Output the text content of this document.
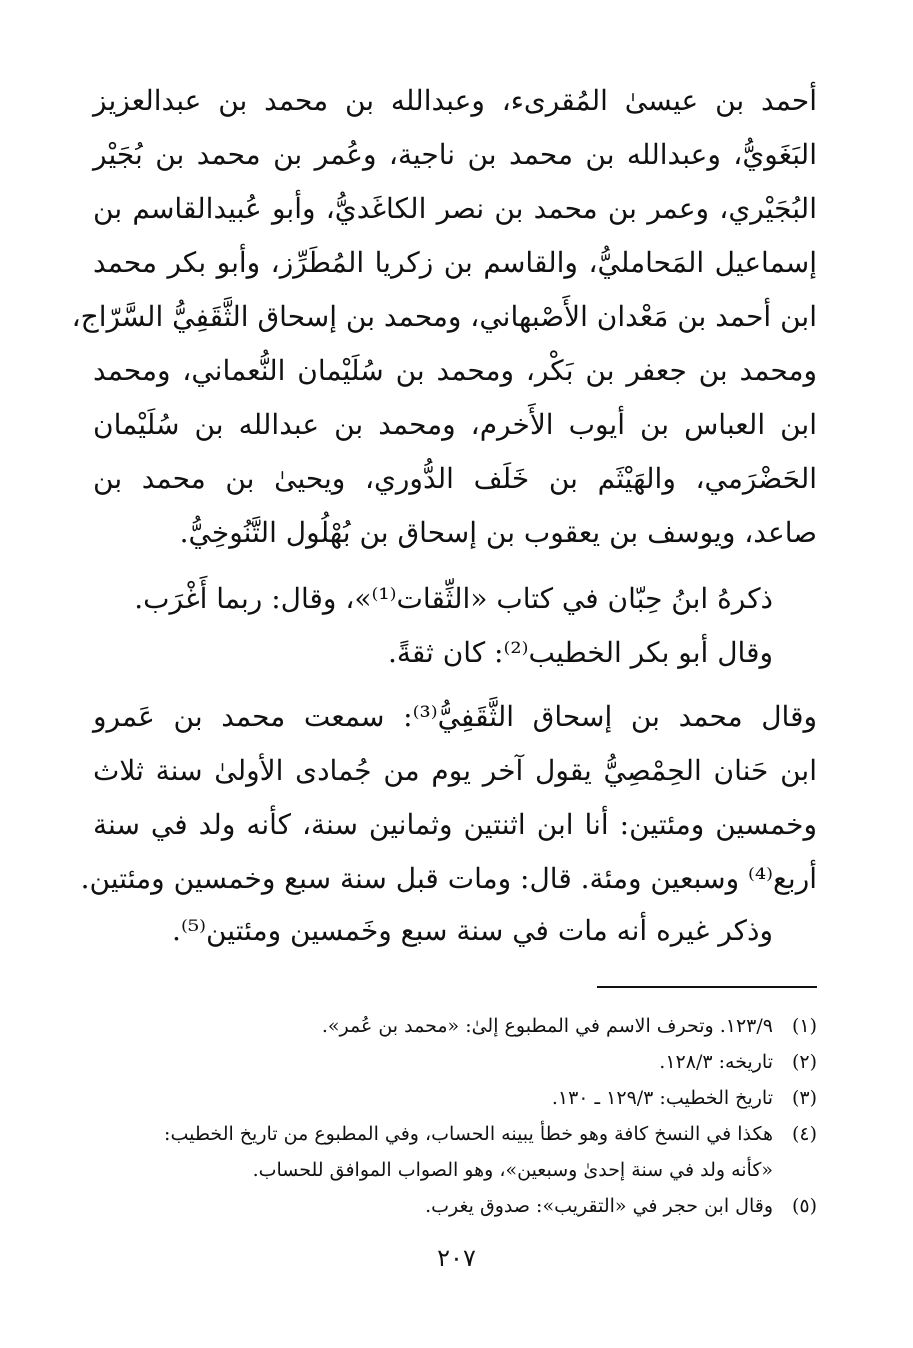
أحمد بن عيسىٰ المُقرىء، وعبدالله بن محمد بن عبدالعزيز
البَغَويُّ، وعبدالله بن محمد بن ناجية، وعُمر بن محمد بن بُجَيْر
البُجَيْري، وعمر بن محمد بن نصر الكاغَديُّ، وأبو عُبيدالقاسم بن
إسماعيل المَحامليُّ، والقاسم بن زكريا المُطَرِّز، وأبو بكر محمد
ابن أحمد بن مَعْدان الأَصْبهاني، ومحمد بن إسحاق الثَّقَفِيُّ السَّرّاج،
ومحمد بن جعفر بن بَكْر، ومحمد بن سُلَيْمان النُّعماني، ومحمد
ابن العباس بن أيوب الأَخرم، ومحمد بن عبدالله بن سُلَيْمان
الحَضْرَمي، والهَيْثَم بن خَلَف الدُّوري، ويحيىٰ بن محمد بن
صاعد، ويوسف بن يعقوب بن إسحاق بن بُهْلُول التَّنُوخِيُّ.
ذكرهُ ابنُ حِبّان في كتاب «الثِّقات⁽¹⁾»، وقال: ربما أَغْرَب.
وقال أبو بكر الخطيب⁽²⁾: كان ثقةً.
وقال محمد بن إسحاق الثَّقَفِيُّ⁽³⁾: سمعت محمد بن عَمرو
ابن حَنان الحِمْصِيُّ يقول آخر يوم من جُمادى الأولىٰ سنة ثلاث
وخمسين ومئتين: أنا ابن اثنتين وثمانين سنة، كأنه ولد في سنة
أربع⁽⁴⁾ وسبعين ومئة. قال: ومات قبل سنة سبع وخمسين ومئتين.
وذكر غيره أنه مات في سنة سبع وخَمسين ومئتين⁽⁵⁾.
(١)
١٢٣/٩. وتحرف الاسم في المطبوع إلىٰ: «محمد بن عُمر».
(٢)
تاريخه: ١٢٨/٣.
(٣)
تاريخ الخطيب: ١٢٩/٣ ـ ١٣٠.
(٤)
هكذا في النسخ كافة وهو خطأ يبينه الحساب، وفي المطبوع من تاريخ الخطيب:
«كأنه ولد في سنة إحدىٰ وسبعين»، وهو الصواب الموافق للحساب.
(٥)
وقال ابن حجر في «التقريب»: صدوق يغرب.
٢٠٧
